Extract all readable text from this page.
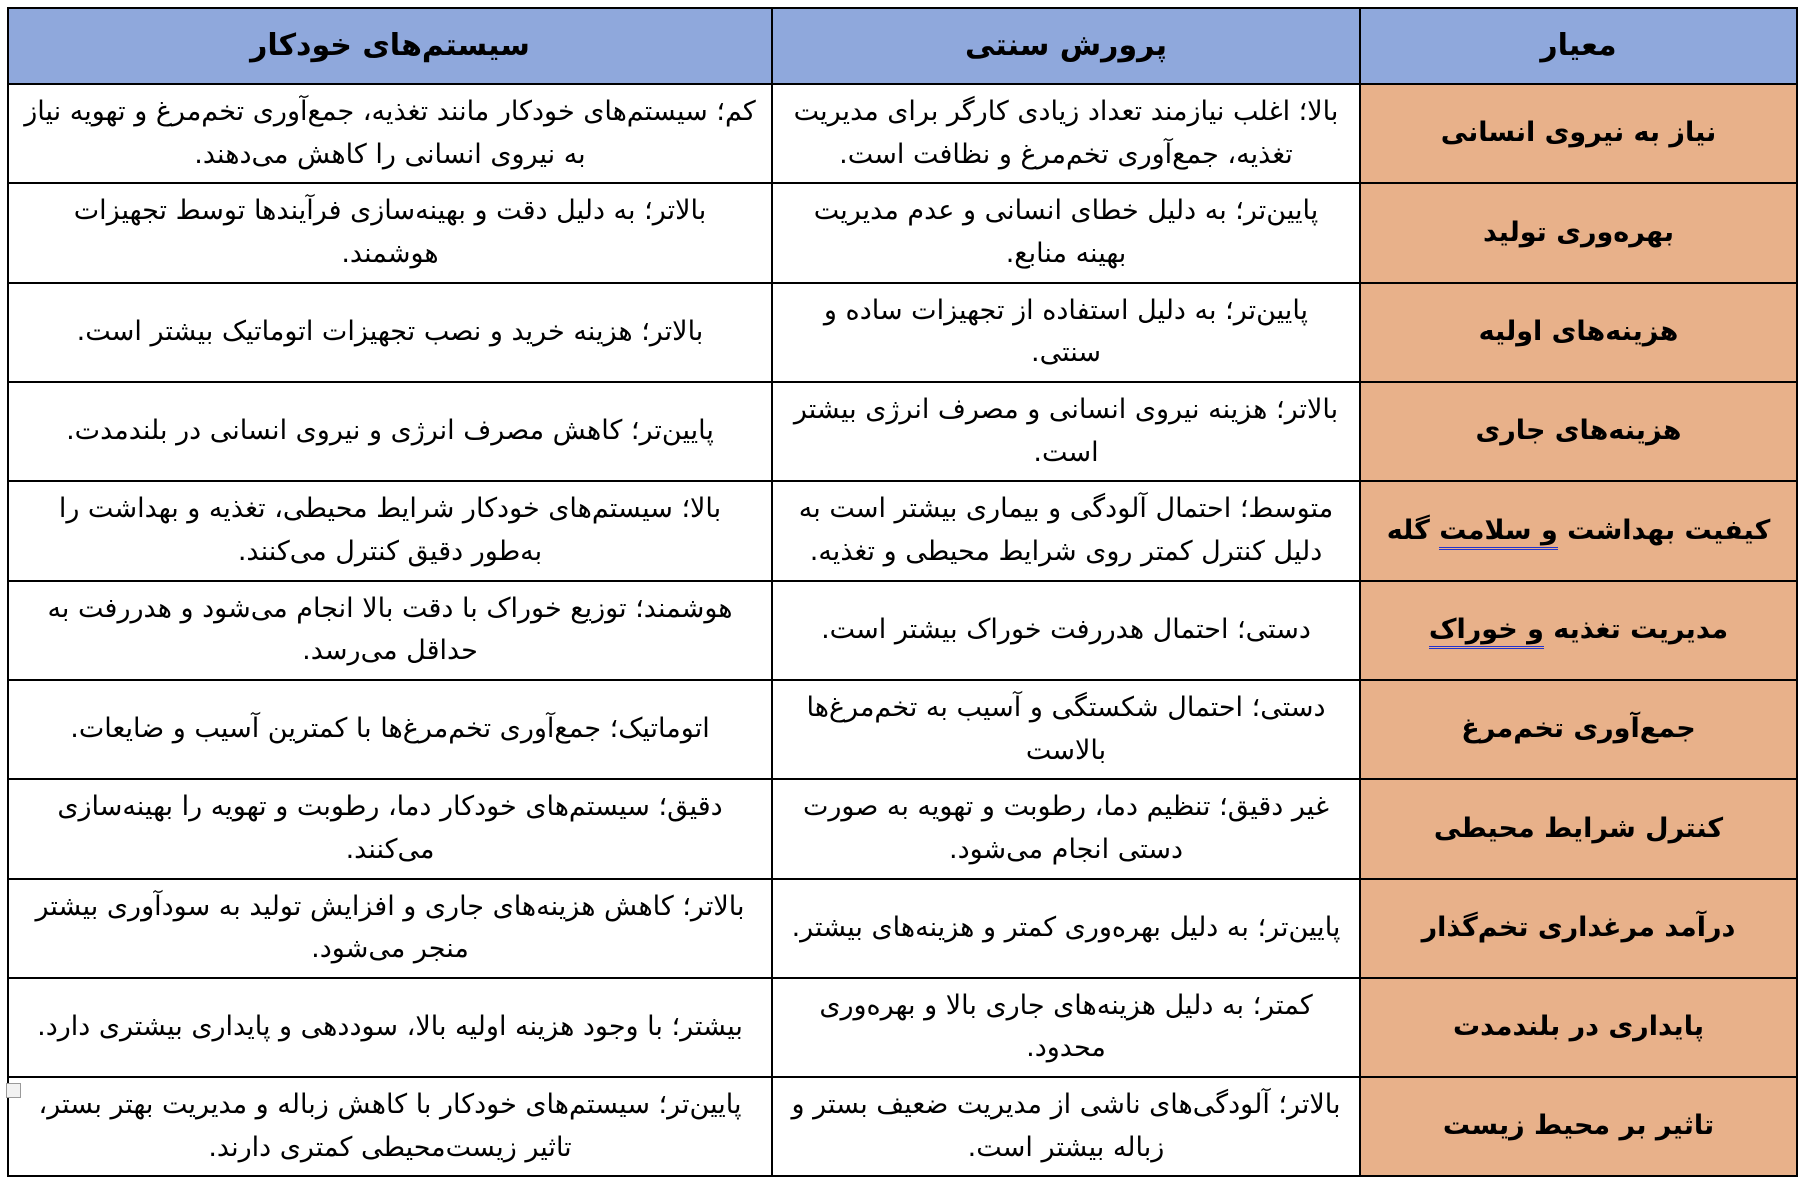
معیار	پرورش سنتی	سیستم‌های خودکار
نیاز به نیروی انسانی	بالا؛ اغلب نیازمند تعداد زیادی کارگر برای مدیریت تغذیه، جمع‌آوری تخم‌مرغ و نظافت است.	کم؛ سیستم‌های خودکار مانند تغذیه، جمع‌آوری تخم‌مرغ و تهویه نیاز به نیروی انسانی را کاهش می‌دهند.
بهره‌وری تولید	پایین‌تر؛ به دلیل خطای انسانی و عدم مدیریت بهینه منابع.	بالاتر؛ به دلیل دقت و بهینه‌سازی فرآیندها توسط تجهیزات هوشمند.
هزینه‌های اولیه	پایین‌تر؛ به دلیل استفاده از تجهیزات ساده و سنتی.	بالاتر؛ هزینه خرید و نصب تجهیزات اتوماتیک بیشتر است.
هزینه‌های جاری	بالاتر؛ هزینه نیروی انسانی و مصرف انرژی بیشتر است.	پایین‌تر؛ کاهش مصرف انرژی و نیروی انسانی در بلندمدت.
کیفیت بهداشت و سلامت گله	متوسط؛ احتمال آلودگی و بیماری بیشتر است به دلیل کنترل کمتر روی شرایط محیطی و تغذیه.	بالا؛ سیستم‌های خودکار شرایط محیطی، تغذیه و بهداشت را به‌طور دقیق کنترل می‌کنند.
مدیریت تغذیه و خوراک	دستی؛ احتمال هدررفت خوراک بیشتر است.	هوشمند؛ توزیع خوراک با دقت بالا انجام می‌شود و هدررفت به حداقل می‌رسد.
جمع‌آوری تخم‌مرغ	دستی؛ احتمال شکستگی و آسیب به تخم‌مرغ‌ها بالاست	اتوماتیک؛ جمع‌آوری تخم‌مرغ‌ها با کمترین آسیب و ضایعات.
کنترل شرایط محیطی	غیر دقیق؛ تنظیم دما، رطوبت و تهویه به صورت دستی انجام می‌شود.	دقیق؛ سیستم‌های خودکار دما، رطوبت و تهویه را بهینه‌سازی می‌کنند.
درآمد مرغداری تخم‌گذار	پایین‌تر؛ به دلیل بهره‌وری کمتر و هزینه‌های بیشتر.	بالاتر؛ کاهش هزینه‌های جاری و افزایش تولید به سودآوری بیشتر منجر می‌شود.
پایداری در بلندمدت	کمتر؛ به دلیل هزینه‌های جاری بالا و بهره‌وری محدود.	بیشتر؛ با وجود هزینه اولیه بالا، سوددهی و پایداری بیشتری دارد.
تاثیر بر محیط زیست	بالاتر؛ آلودگی‌های ناشی از مدیریت ضعیف بستر و زباله بیشتر است.	پایین‌تر؛ سیستم‌های خودکار با کاهش زباله و مدیریت بهتر بستر، تاثیر زیست‌محیطی کمتری دارند.
